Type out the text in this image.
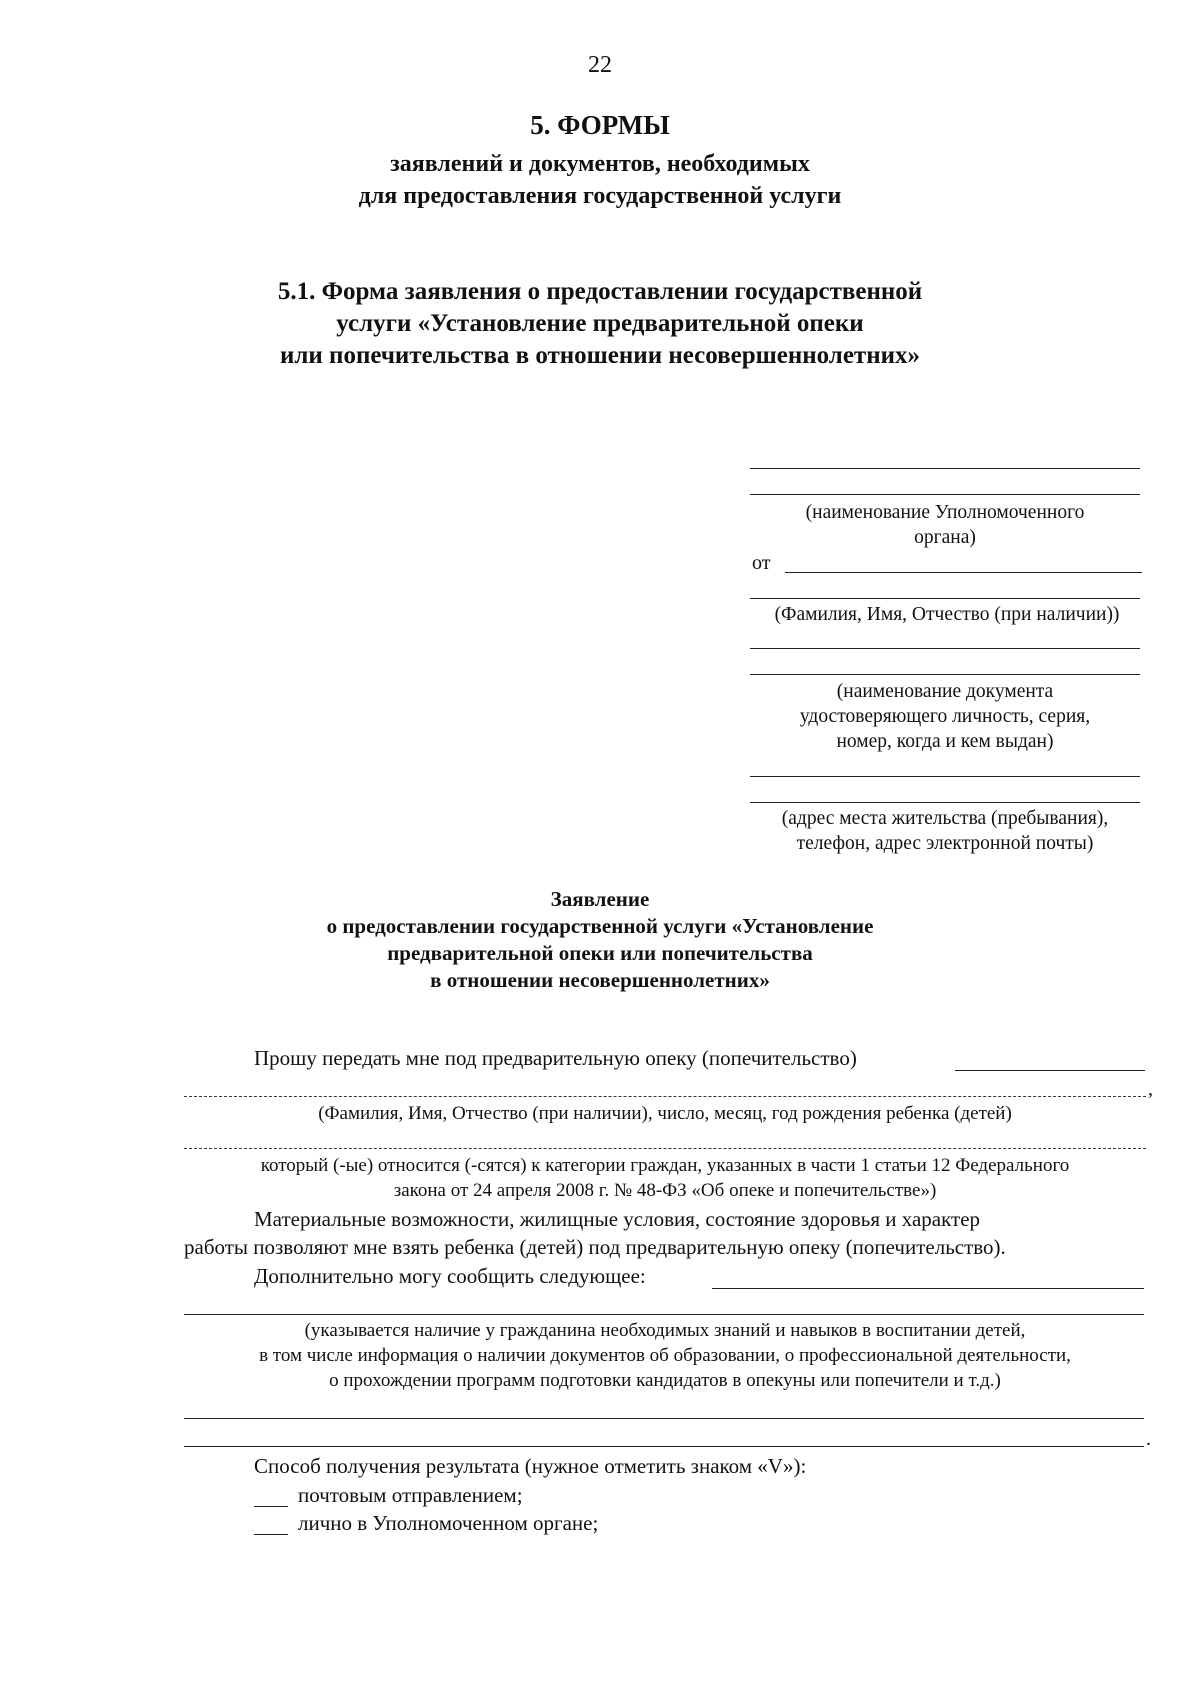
22

5. ФОРМЫ

заявлений и документов, необходимых

для предоставления государственной услуги

5.1. Форма заявления о предоставлении государственной

услуги «Установление предварительной опеки

или попечительства в отношении несовершеннолетних»

(наименование Уполномоченного

органа)

от

(Фамилия, Имя, Отчество (при наличии))

(наименование документа

удостоверяющего личность, серия,

номер, когда и кем выдан)

(адрес места жительства (пребывания),

телефон, адрес электронной почты)

Заявление

о предоставлении государственной услуги «Установление

предварительной опеки или попечительства

в отношении несовершеннолетних»

Прошу передать мне под предварительную опеку (попечительство)

,

(Фамилия, Имя, Отчество (при наличии), число, месяц, год рождения ребенка (детей)

который (-ые) относится (-сятся) к категории граждан, указанных в части 1 статьи 12 Федерального

закона от 24 апреля 2008 г. № 48-ФЗ «Об опеке и попечительстве»)

Материальные возможности, жилищные условия, состояние здоровья и характер

работы позволяют мне взять ребенка (детей) под предварительную опеку (попечительство).

Дополнительно могу сообщить следующее:

(указывается наличие у гражданина необходимых знаний и навыков в воспитании детей,

в том числе информация о наличии документов об образовании, о профессиональной деятельности,

о прохождении программ подготовки кандидатов в опекуны или попечители и т.д.)

.

Способ получения результата (нужное отметить знаком «V»):

почтовым отправлением;

лично в Уполномоченном органе;
